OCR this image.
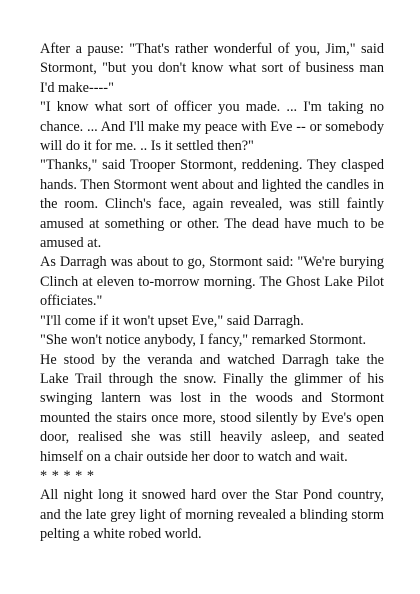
After a pause: "That's rather wonderful of you, Jim," said Stormont, "but you don't know what sort of business man I'd make----"

"I know what sort of officer you made. ... I'm taking no chance. ... And I'll make my peace with Eve -- or somebody will do it for me. .. Is it settled then?"

"Thanks," said Trooper Stormont, reddening. They clasped hands. Then Stormont went about and lighted the candles in the room. Clinch's face, again revealed, was still faintly amused at something or other. The dead have much to be amused at.

As Darragh was about to go, Stormont said: "We're burying Clinch at eleven to-morrow morning. The Ghost Lake Pilot officiates."

"I'll come if it won't upset Eve," said Darragh.

"She won't notice anybody, I fancy," remarked Stormont.

He stood by the veranda and watched Darragh take the Lake Trail through the snow. Finally the glimmer of his swinging lantern was lost in the woods and Stormont mounted the stairs once more, stood silently by Eve's open door, realised she was still heavily asleep, and seated himself on a chair outside her door to watch and wait.

* * * * *

All night long it snowed hard over the Star Pond country, and the late grey light of morning revealed a blinding storm pelting a white robed world.
